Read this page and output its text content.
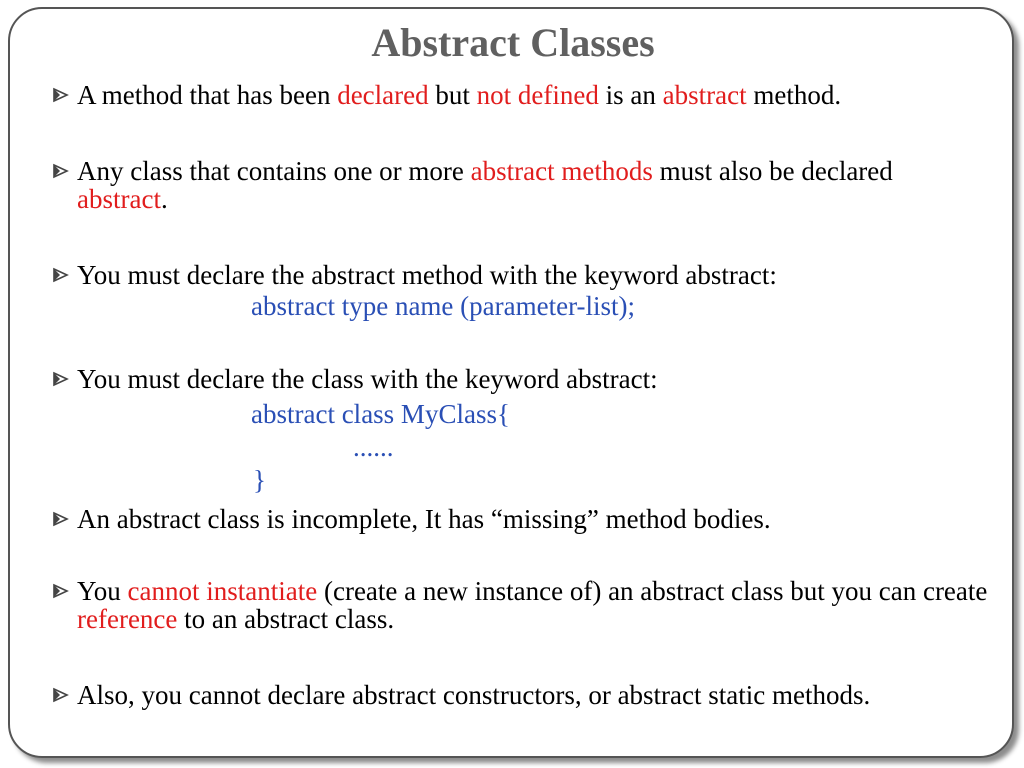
Abstract Classes
A method that has been declared but not defined is an abstract method.
Any class that contains one or more abstract methods must also be declared abstract.
You must declare the abstract method with the keyword abstract:
abstract type name (parameter-list);
You must declare the class with the keyword abstract:
abstract class MyClass{
......
}
An abstract class is incomplete, It has “missing” method bodies.
You cannot instantiate (create a new instance of) an abstract class but you can create reference to an abstract class.
Also, you cannot declare abstract constructors, or abstract static methods.
